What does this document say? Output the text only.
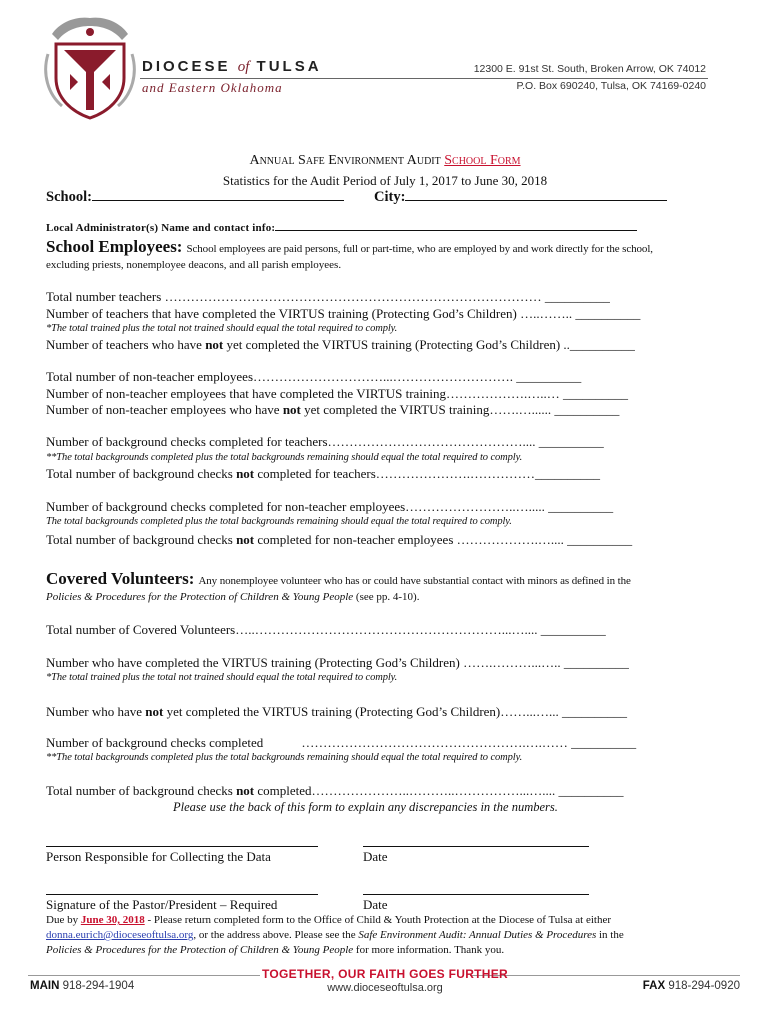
DIOCESE of TULSA
and Eastern Oklahoma
12300 E. 91st St. South, Broken Arrow, OK 74012
P.O. Box 690240, Tulsa, OK 74169-0240
Annual Safe Environment Audit School Form
Statistics for the Audit Period of July 1, 2017 to June 30, 2018
School:	City:
Local Administrator(s) Name and contact info:
School Employees: School employees are paid persons, full or part-time, who are employed by and work directly for the school,
excluding priests, nonemployee deacons, and all parish employees.
Total number teachers …………………………………………………………………………… __________
Number of teachers that have completed the VIRTUS training (Protecting God’s Children) …..…….. __________
*The total trained plus the total not trained should equal the total required to comply.
Number of teachers who have not yet completed the VIRTUS training (Protecting God’s Children) ..__________
Total number of non-teacher employees…………………………...………………………. __________
Number of non-teacher employees that have completed the VIRTUS training……………….…..… __________
Number of non-teacher employees who have not yet completed the VIRTUS training…….…...... __________
Number of background checks completed for teachers……………………………………….... __________
**The total backgrounds completed plus the total backgrounds remaining should equal the total required to comply.
Total number of background checks not completed for teachers………………….……………__________
Number of background checks completed for non-teacher employees……………………..…..... __________
The total backgrounds completed plus the total backgrounds remaining should equal the total required to comply.
Total number of background checks not completed for non-teacher employees ……………….….... __________
Covered Volunteers: Any nonemployee volunteer who has or could have substantial contact with minors as defined in the
Policies & Procedures for the Protection of Children & Young People (see pp. 4-10).
Total number of Covered Volunteers…..…………………………………………………...….... __________
Number who have completed the VIRTUS training (Protecting God’s Children) …….………...….. __________
*The total trained plus the total not trained should equal the total required to comply.
Number who have not yet completed the VIRTUS training (Protecting God’s Children)……...…... __________
Number of background checks completed	…………………………………………….….…… __________
**The total backgrounds completed plus the total backgrounds remaining should equal the total required to comply.
Total number of background checks not completed…………………..………..……………...….... __________
Please use the back of this form to explain any discrepancies in the numbers.
Person Responsible for Collecting the Data	Date
Signature of the Pastor/President – Required	Date
Due by June 30, 2018 - Please return completed form to the Office of Child & Youth Protection at the Diocese of Tulsa at either
donna.eurich@dioceseoftulsa.org, or the address above. Please see the Safe Environment Audit: Annual Duties & Procedures in the
Policies & Procedures for the Protection of Children & Young People for more information. Thank you.
TOGETHER, OUR FAITH GOES FURTHER
MAIN 918-294-1904	www.dioceseoftulsa.org	FAX 918-294-0920
